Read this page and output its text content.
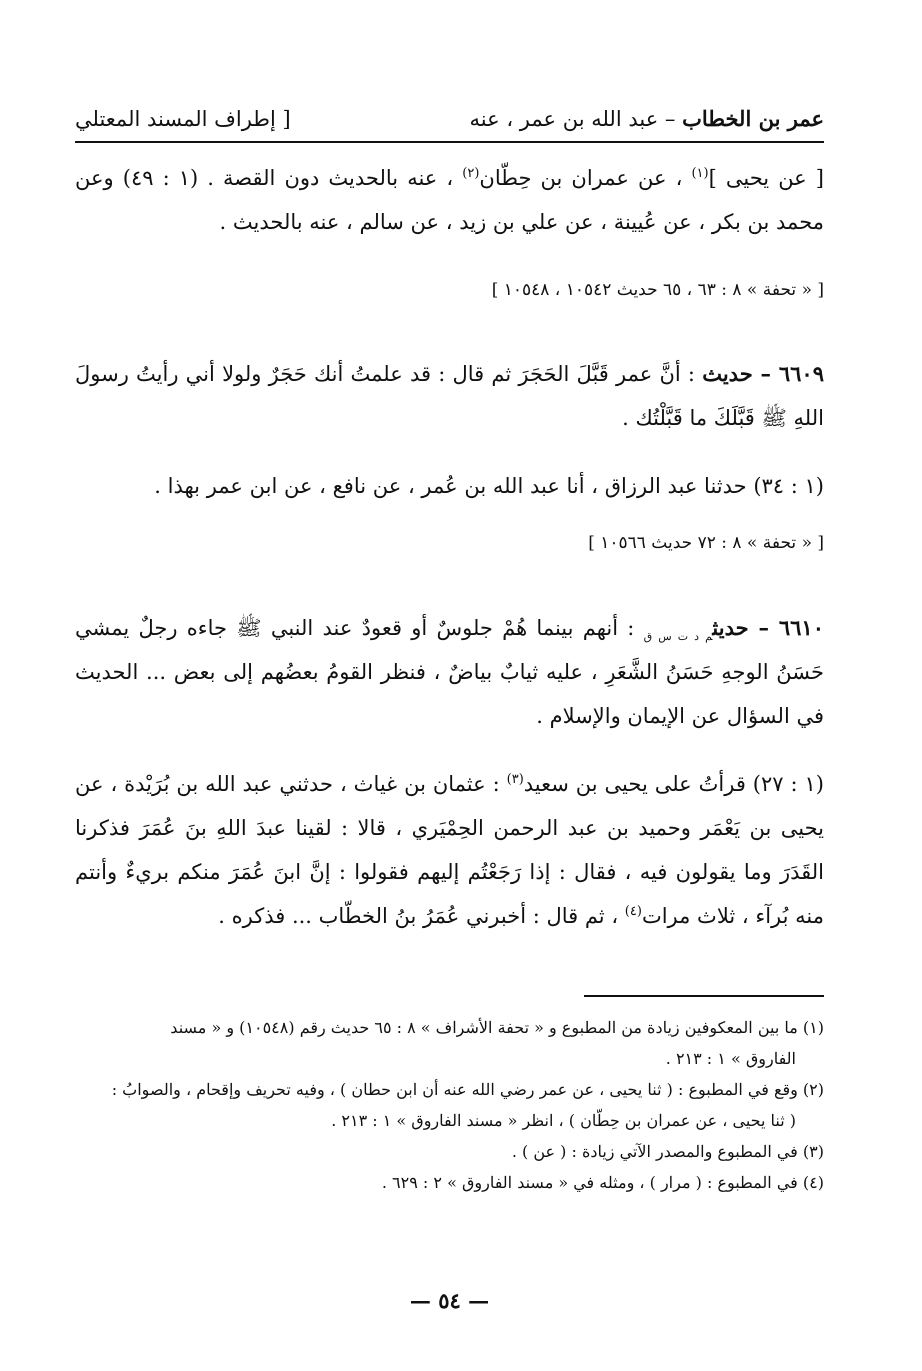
عمر بن الخطاب – عبد الله بن عمر ، عنه
[ إطراف المسند المعتلي

[ عن يحيى ]$^{(١)}$ ، عن عمران بن حِطّان$^{(٢)}$ ، عنه بالحديث دون القصة . (١ : ٤٩) وعن محمد بن بكر ، عن عُيينة ، عن علي بن زيد ، عن سالم ، عنه بالحديث .

[ « تحفة » ٨ : ٦٣ ، ٦٥ حديث ١٠٥٤٢ ، ١٠٥٤٨ ]

٦٦٠٩ – حديث : أنَّ عمر قَبَّلَ الحَجَرَ ثم قال : قد علمتُ أنك حَجَرٌ ولولا أني رأيتُ رسولَ اللهِ ﷺ قَبَّلَكَ ما قَبَّلْتُك .

(١ : ٣٤) حدثنا عبد الرزاق ، أنا عبد الله بن عُمر ، عن نافع ، عن ابن عمر بهذا .

[ « تحفة » ٨ : ٧٢ حديث ١٠٥٦٦ ]

٦٦١٠ – حديث$_{م د ت س ق}$ : أنهم بينما هُمْ جلوسٌ أو قعودٌ عند النبي ﷺ جاءه رجلٌ يمشي حَسَنُ الوجهِ حَسَنُ الشَّعَرِ ، عليه ثيابٌ بياضٌ ، فنظر القومُ بعضُهم إلى بعض ... الحديث في السؤال عن الإيمان والإسلام .

(١ : ٢٧) قرأتُ على يحيى بن سعيد$^{(٣)}$ : عثمان بن غياث ، حدثني عبد الله بن بُرَيْدة ، عن يحيى بن يَعْمَر وحميد بن عبد الرحمن الحِمْيَري ، قالا : لقينا عبدَ اللهِ بنَ عُمَرَ فذكرنا القَدَرَ وما يقولون فيه ، فقال : إذا رَجَعْتُم إليهم فقولوا : إنَّ ابنَ عُمَرَ منكم بريءٌ وأنتم منه بُرآء ، ثلاث مرات$^{(٤)}$ ، ثم قال : أخبرني عُمَرُ بنُ الخطّاب ... فذكره .

(١) ما بين المعكوفين زيادة من المطبوع و « تحفة الأشراف » ٨ : ٦٥ حديث رقم (١٠٥٤٨) و « مسند

الفاروق » ١ : ٢١٣ .

(٢) وقع في المطبوع : ( ثنا يحيى ، عن عمر رضي الله عنه أن ابن حطان ) ، وفيه تحريف وإقحام ، والصوابُ :

( ثنا يحيى ، عن عمران بن حِطّان ) ، انظر « مسند الفاروق » ١ : ٢١٣ .

(٣) في المطبوع والمصدر الآتي زيادة : ( عن ) .

(٤) في المطبوع : ( مرار ) ، ومثله في « مسند الفاروق » ٢ : ٦٢٩ .

— ٥٤ —
